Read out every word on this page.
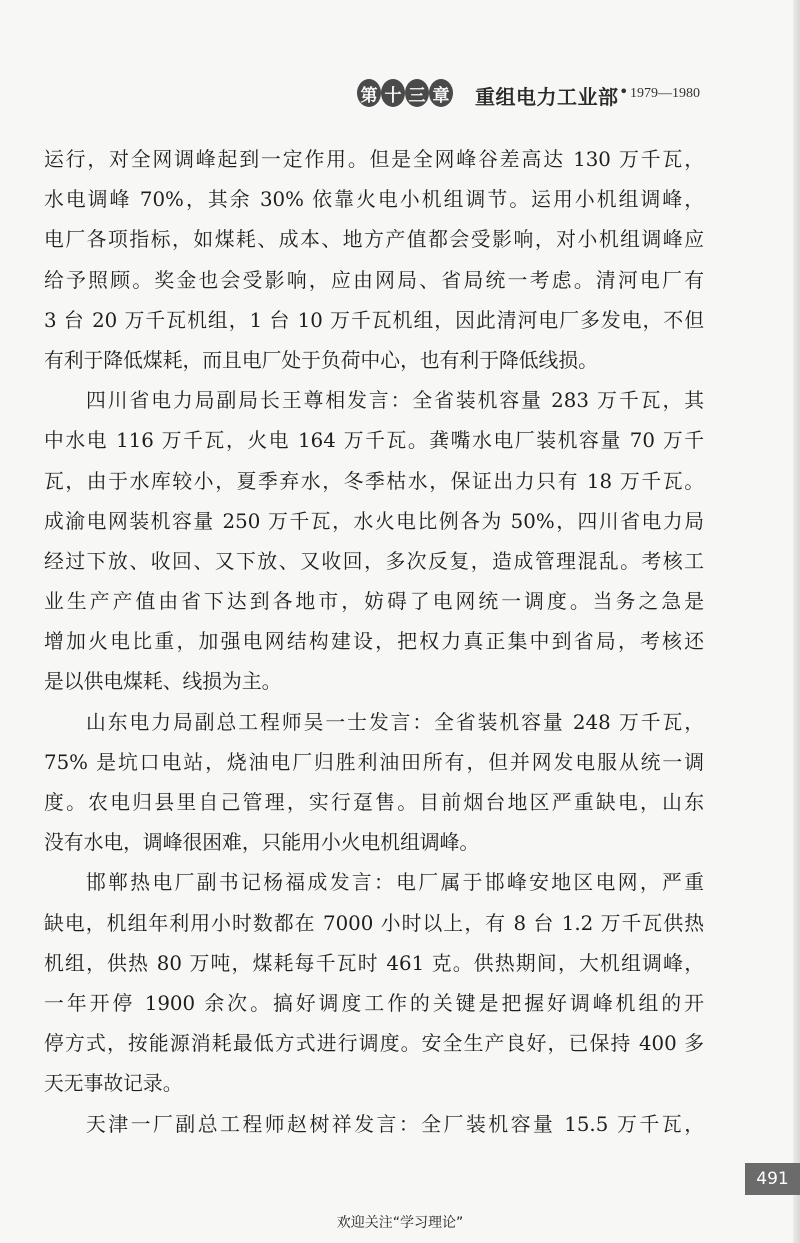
第 十 三 章 重组电力工业部 • 1979—1980
运行，对全网调峰起到一定作用。但是全网峰谷差高达 130 万千瓦，
水电调峰 70%，其余 30% 依靠火电小机组调节。运用小机组调峰，
电厂各项指标，如煤耗、成本、地方产值都会受影响，对小机组调峰应
给予照顾。奖金也会受影响，应由网局、省局统一考虑。清河电厂有
3 台 20 万千瓦机组，1 台 10 万千瓦机组，因此清河电厂多发电，不但
有利于降低煤耗，而且电厂处于负荷中心，也有利于降低线损。
四川省电力局副局长王尊相发言：全省装机容量 283 万千瓦，其
中水电 116 万千瓦，火电 164 万千瓦。龚嘴水电厂装机容量 70 万千
瓦，由于水库较小，夏季弃水，冬季枯水，保证出力只有 18 万千瓦。
成渝电网装机容量 250 万千瓦，水火电比例各为 50%，四川省电力局
经过下放、收回、又下放、又收回，多次反复，造成管理混乱。考核工
业生产产值由省下达到各地市，妨碍了电网统一调度。当务之急是
增加火电比重，加强电网结构建设，把权力真正集中到省局，考核还
是以供电煤耗、线损为主。
山东电力局副总工程师吴一士发言：全省装机容量 248 万千瓦，
75% 是坑口电站，烧油电厂归胜利油田所有，但并网发电服从统一调
度。农电归县里自己管理，实行趸售。目前烟台地区严重缺电，山东
没有水电，调峰很困难，只能用小火电机组调峰。
邯郸热电厂副书记杨福成发言：电厂属于邯峰安地区电网，严重
缺电，机组年利用小时数都在 7000 小时以上，有 8 台 1.2 万千瓦供热
机组，供热 80 万吨，煤耗每千瓦时 461 克。供热期间，大机组调峰，
一年开停 1900 余次。搞好调度工作的关键是把握好调峰机组的开
停方式，按能源消耗最低方式进行调度。安全生产良好，已保持 400 多
天无事故记录。
天津一厂副总工程师赵树祥发言：全厂装机容量 15.5 万千瓦，
491
欢迎关注“学习理论”
